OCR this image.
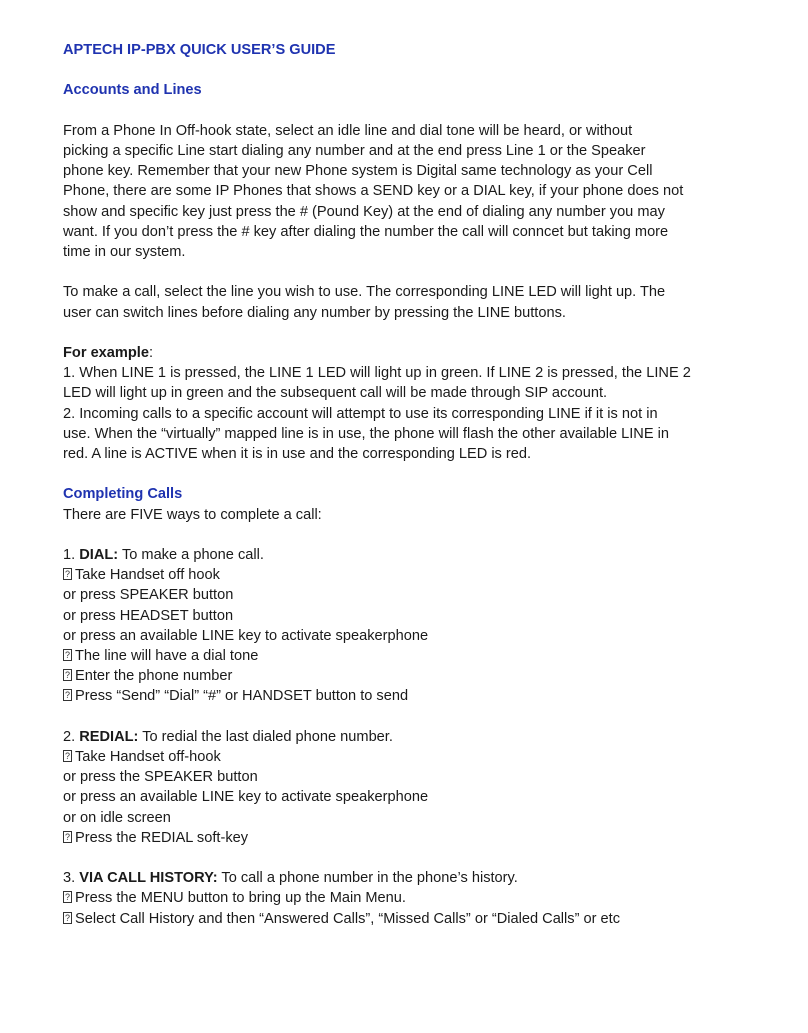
APTECH IP-PBX QUICK USER’S GUIDE
Accounts and Lines

From a Phone In Off-hook state, select an idle line and dial tone will be heard, or without
picking a specific Line start dialing any number and at the end press Line 1 or the Speaker
phone key. Remember that your new Phone system is Digital same technology as your Cell
Phone, there are some IP Phones that shows a SEND key or a DIAL key, if your phone does not
show and specific key just press the # (Pound Key) at the end of dialing any number you may
want. If you don’t press the # key after dialing the number the call will conncet but taking more
time in our system.

To make a call, select the line you wish to use. The corresponding LINE LED will light up. The
user can switch lines before dialing any number by pressing the LINE buttons.

For example:
1. When LINE 1 is pressed, the LINE 1 LED will light up in green. If LINE 2 is pressed, the LINE 2
LED will light up in green and the subsequent call will be made through SIP account.
2. Incoming calls to a specific account will attempt to use its corresponding LINE if it is not in
use. When the “virtually” mapped line is in use, the phone will flash the other available LINE in
red. A line is ACTIVE when it is in use and the corresponding LED is red.

Completing Calls

There are FIVE ways to complete a call:

1. DIAL: To make a phone call.
?Take Handset off hook
or press SPEAKER button
or press HEADSET button
or press an available LINE key to activate speakerphone
?The line will have a dial tone
?Enter the phone number
?Press “Send” “Dial” “#” or HANDSET button to send

2. REDIAL: To redial the last dialed phone number.
?Take Handset off-hook
or press the SPEAKER button
or press an available LINE key to activate speakerphone
or on idle screen
?Press the REDIAL soft-key

3. VIA CALL HISTORY: To call a phone number in the phone’s history.
?Press the MENU button to bring up the Main Menu.
?Select Call History and then “Answered Calls”, “Missed Calls” or “Dialed Calls” or etc
